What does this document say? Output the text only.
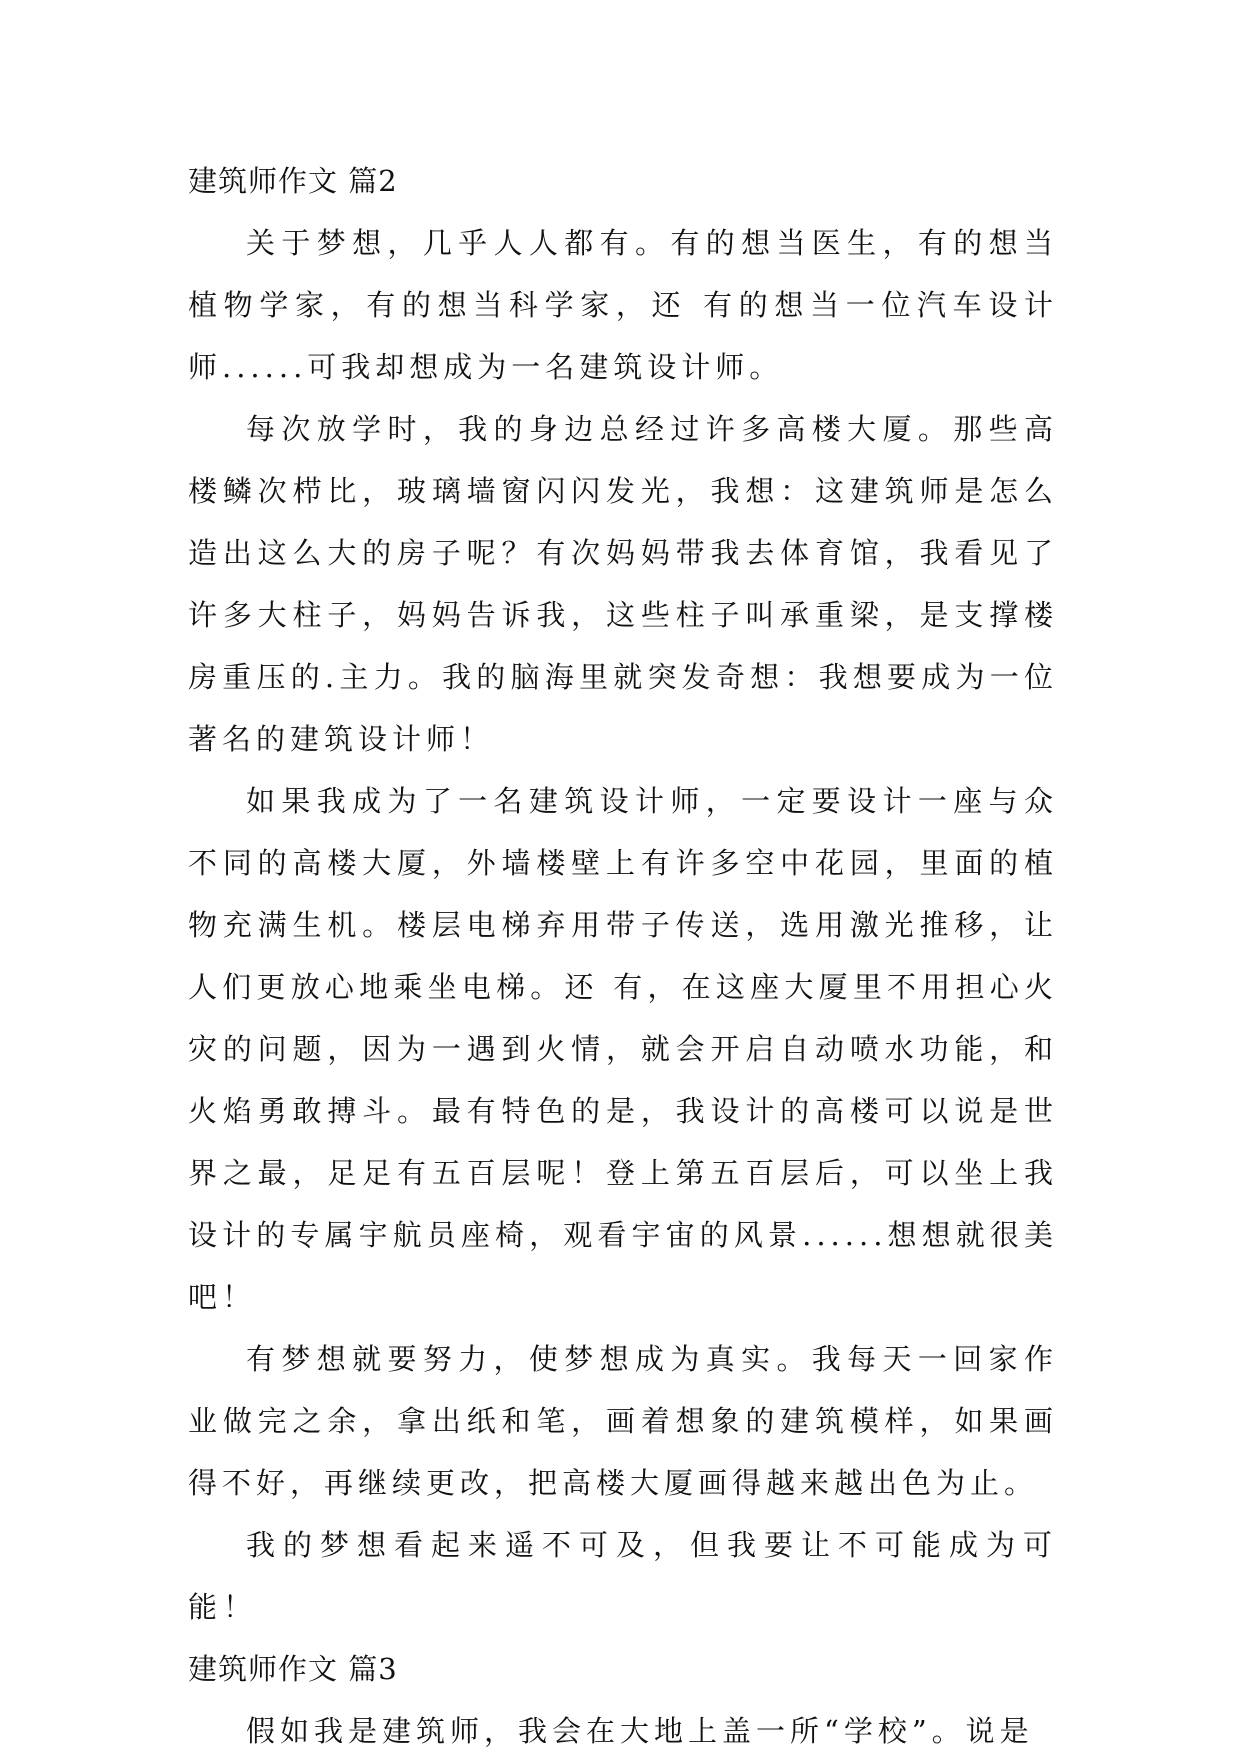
建筑师作文 篇2

关于梦想，几乎人人都有。有的想当医生，有的想当植物学家，有的想当科学家，还 有的想当一位汽车设计师......可我却想成为一名建筑设计师。

每次放学时，我的身边总经过许多高楼大厦。那些高楼鳞次栉比，玻璃墙窗闪闪发光，我想：这建筑师是怎么造出这么大的房子呢？有次妈妈带我去体育馆，我看见了许多大柱子，妈妈告诉我，这些柱子叫承重梁，是支撑楼房重压的.主力。我的脑海里就突发奇想：我想要成为一位著名的建筑设计师！

如果我成为了一名建筑设计师，一定要设计一座与众不同的高楼大厦，外墙楼壁上有许多空中花园，里面的植物充满生机。楼层电梯弃用带子传送，选用激光推移，让人们更放心地乘坐电梯。还 有，在这座大厦里不用担心火灾的问题，因为一遇到火情，就会开启自动喷水功能，和火焰勇敢搏斗。最有特色的是，我设计的高楼可以说是世界之最，足足有五百层呢！登上第五百层后，可以坐上我设计的专属宇航员座椅，观看宇宙的风景......想想就很美吧！

有梦想就要努力，使梦想成为真实。我每天一回家作业做完之余，拿出纸和笔，画着想象的建筑模样，如果画得不好，再继续更改，把高楼大厦画得越来越出色为止。

我的梦想看起来遥不可及，但我要让不可能成为可能！

建筑师作文 篇3

假如我是建筑师，我会在大地上盖一所“学校”。说是
